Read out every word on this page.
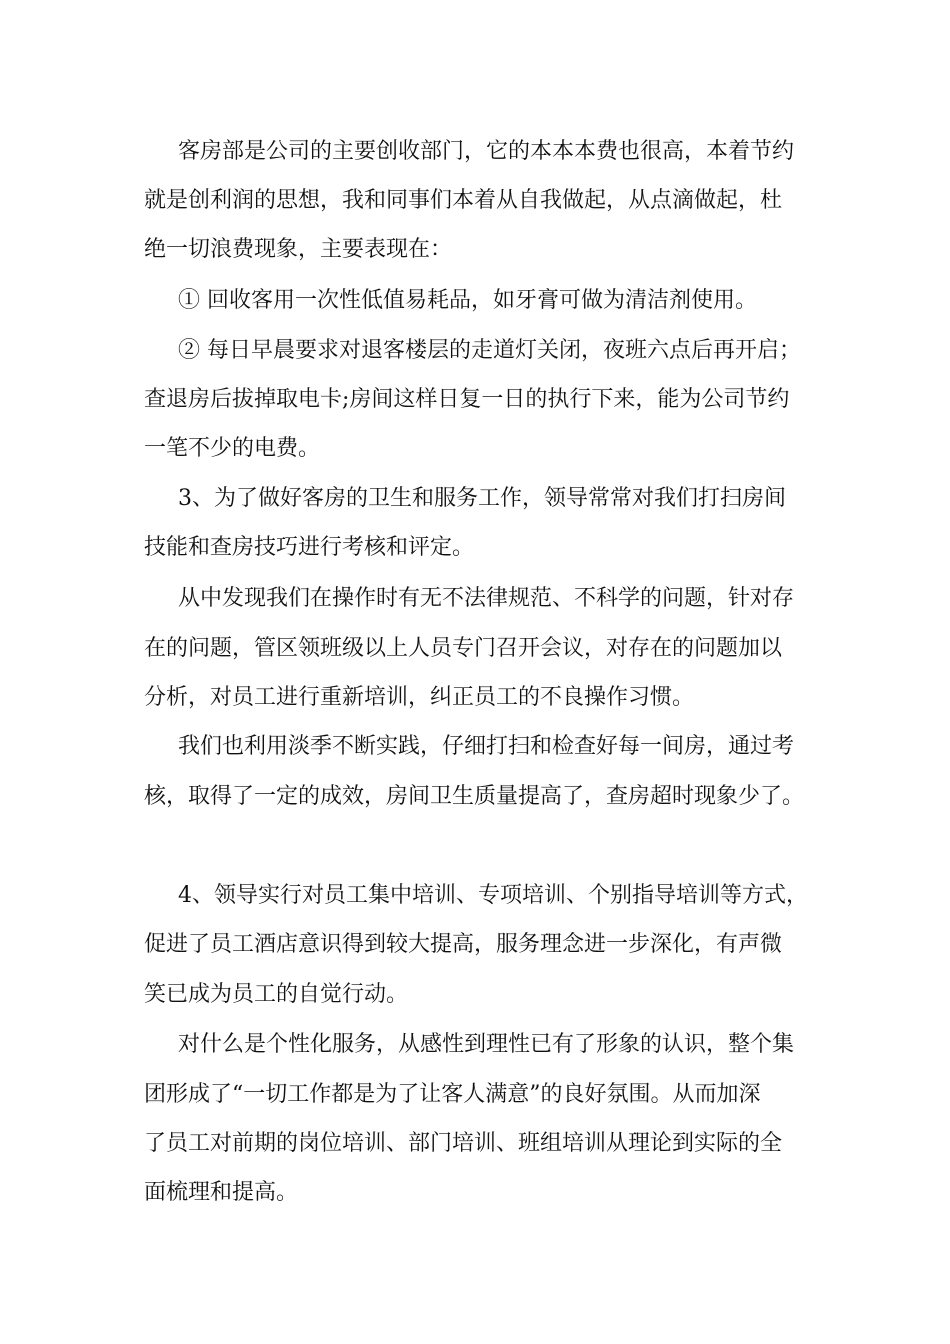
客房部是公司的主要创收部门，它的本本本费也很高，本着节约

就是创利润的思想，我和同事们本着从自我做起，从点滴做起，杜

绝一切浪费现象，主要表现在：

① 回收客用一次性低值易耗品，如牙膏可做为清洁剂使用。

② 每日早晨要求对退客楼层的走道灯关闭，夜班六点后再开启；

查退房后拔掉取电卡;房间这样日复一日的执行下来，能为公司节约

一笔不少的电费。

3、为了做好客房的卫生和服务工作，领导常常对我们打扫房间

技能和查房技巧进行考核和评定。

从中发现我们在操作时有无不法律规范、不科学的问题，针对存

在的问题，管区领班级以上人员专门召开会议，对存在的问题加以

分析，对员工进行重新培训，纠正员工的不良操作习惯。

我们也利用淡季不断实践，仔细打扫和检查好每一间房，通过考

核，取得了一定的成效，房间卫生质量提高了，查房超时现象少了。

4、领导实行对员工集中培训、专项培训、个别指导培训等方式，

促进了员工酒店意识得到较大提高，服务理念进一步深化，有声微

笑已成为员工的自觉行动。

对什么是个性化服务，从感性到理性已有了形象的认识，整个集

团形成了“一切工作都是为了让客人满意”的良好氛围。从而加深

了员工对前期的岗位培训、部门培训、班组培训从理论到实际的全

面梳理和提高。
